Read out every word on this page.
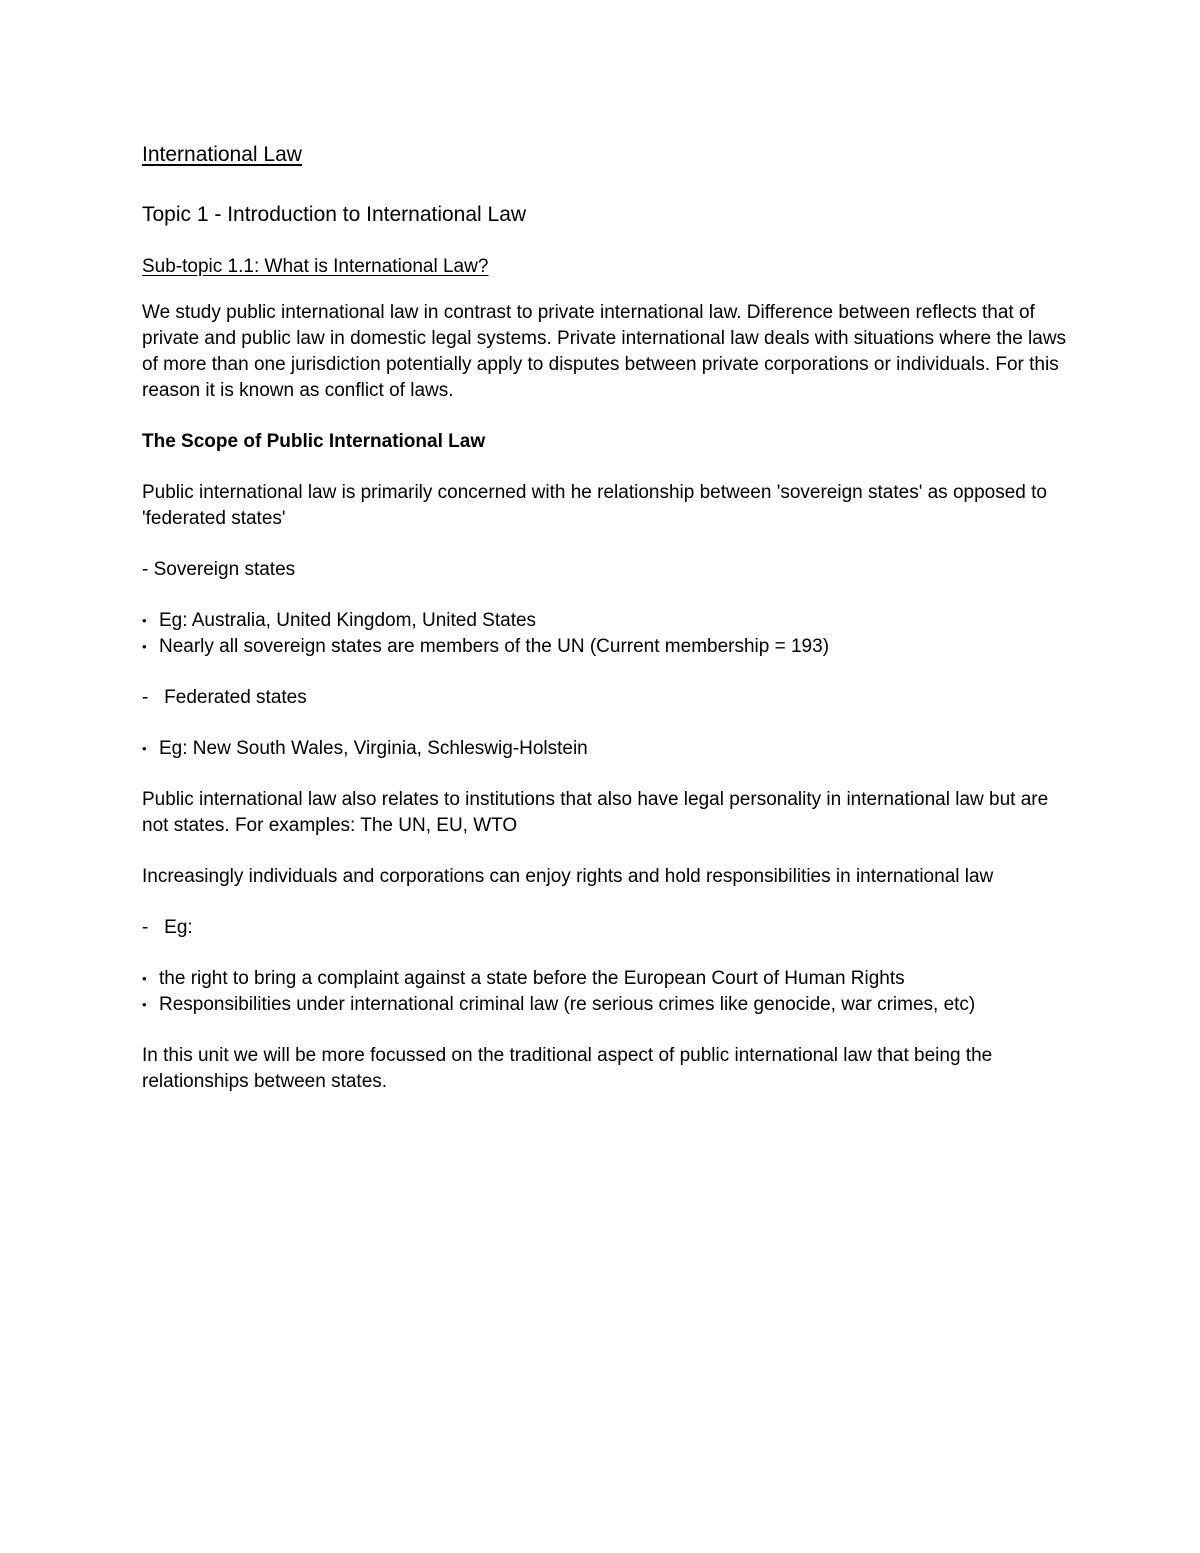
International Law
Topic 1 - Introduction to International Law
Sub-topic 1.1: What is International Law?

We study public international law in contrast to private international law. Difference between reflects that of private and public law in domestic legal systems. Private international law deals with situations where the laws of more than one jurisdiction potentially apply to disputes between private corporations or individuals. For this reason it is known as conflict of laws.

The Scope of Public International Law

Public international law is primarily concerned with he relationship between 'sovereign states' as opposed to 'federated states'

- Sovereign states
• Eg: Australia, United Kingdom, United States
• Nearly all sovereign states are members of the UN (Current membership = 193)
-   Federated states
• Eg: New South Wales, Virginia, Schleswig-Holstein

Public international law also relates to institutions that also have legal personality in international law but are not states. For examples: The UN, EU, WTO

Increasingly individuals and corporations can enjoy rights and hold responsibilities in international law

-   Eg:
• the right to bring a complaint against a state before the European Court of Human Rights
• Responsibilities under international criminal law (re serious crimes like genocide, war crimes, etc)

In this unit we will be more focussed on the traditional aspect of public international law that being the relationships between states.
